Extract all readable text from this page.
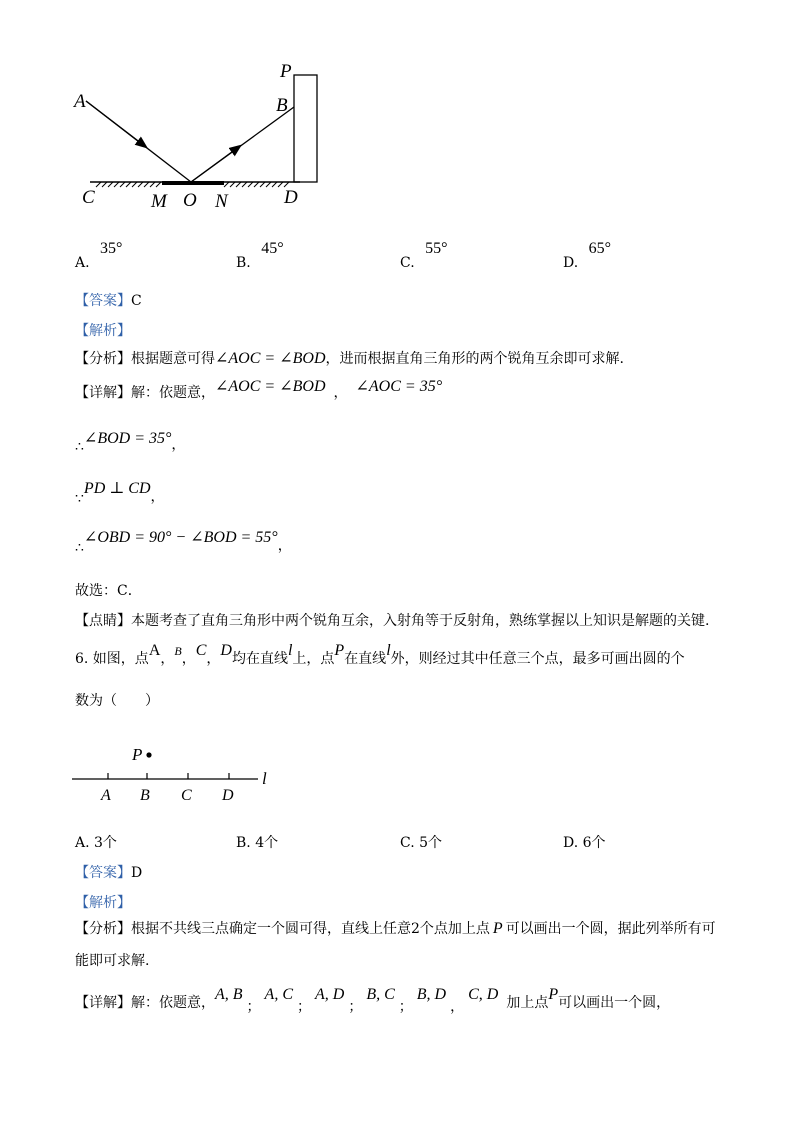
A
P
B
C	M O N	D
A. 35°
B. 45°
C. 55°
D. 65°
【答案】C
【解析】
【分析】根据题意可得∠AOC = ∠BOD，进而根据直角三角形的两个锐角互余即可求解.
【详解】解：依题意，∠AOC = ∠BOD ， ∠AOC = 35°
∴∠BOD = 35°，
∵PD ⊥ CD，
∴∠OBD = 90° − ∠BOD = 55°，
故选：C．
【点睛】本题考查了直角三角形中两个锐角互余，入射角等于反射角，熟练掌握以上知识是解题的关键.
6. 如图，点A，B，C，D均在直线l上，点P在直线l外，则经过其中任意三个点，最多可画出圆的个
数为（　　）
P
A B C D
l
A. 3个	B. 4个	C. 5个	D. 6个
【答案】D
【解析】
【分析】根据不共线三点确定一个圆可得，直线上任意2个点加上点 P 可以画出一个圆，据此列举所有可
能即可求解.
【详解】解：依题意，A, B；A, C；A, D；B, C；B, D，C, D 加上点P可以画出一个圆，
